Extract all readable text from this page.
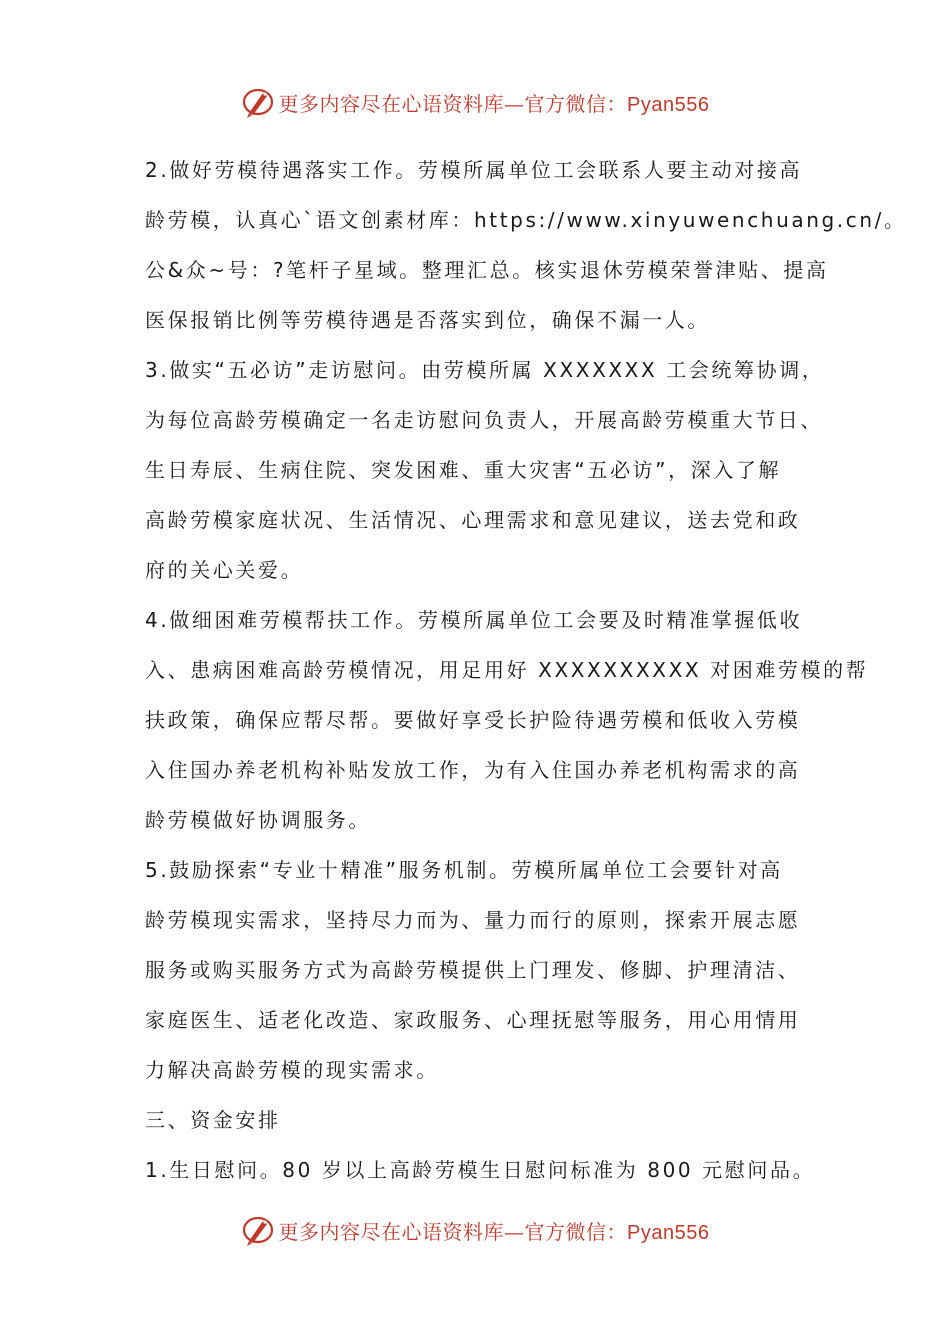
更多内容尽在心语资料库—官方微信：Pyan556
2.做好劳模待遇落实工作。劳模所属单位工会联系人要主动对接高
龄劳模，认真心`语文创素材库：https://www.xinyuwenchuang.cn/。
公&众~号：?笔杆子星域。整理汇总。核实退休劳模荣誉津贴、提高
医保报销比例等劳模待遇是否落实到位，确保不漏一人。
3.做实“五必访”走访慰问。由劳模所属 XXXXXXX 工会统筹协调，
为每位高龄劳模确定一名走访慰问负责人，开展高龄劳模重大节日、
生日寿辰、生病住院、突发困难、重大灾害“五必访”，深入了解
高龄劳模家庭状况、生活情况、心理需求和意见建议，送去党和政
府的关心关爱。
4.做细困难劳模帮扶工作。劳模所属单位工会要及时精准掌握低收
入、患病困难高龄劳模情况，用足用好 XXXXXXXXXX 对困难劳模的帮
扶政策，确保应帮尽帮。要做好享受长护险待遇劳模和低收入劳模
入住国办养老机构补贴发放工作，为有入住国办养老机构需求的高
龄劳模做好协调服务。
5.鼓励探索“专业十精准”服务机制。劳模所属单位工会要针对高
龄劳模现实需求，坚持尽力而为、量力而行的原则，探索开展志愿
服务或购买服务方式为高龄劳模提供上门理发、修脚、护理清洁、
家庭医生、适老化改造、家政服务、心理抚慰等服务，用心用情用
力解决高龄劳模的现实需求。
三、资金安排
1.生日慰问。80 岁以上高龄劳模生日慰问标准为 800 元慰问品。
更多内容尽在心语资料库—官方微信：Pyan556
